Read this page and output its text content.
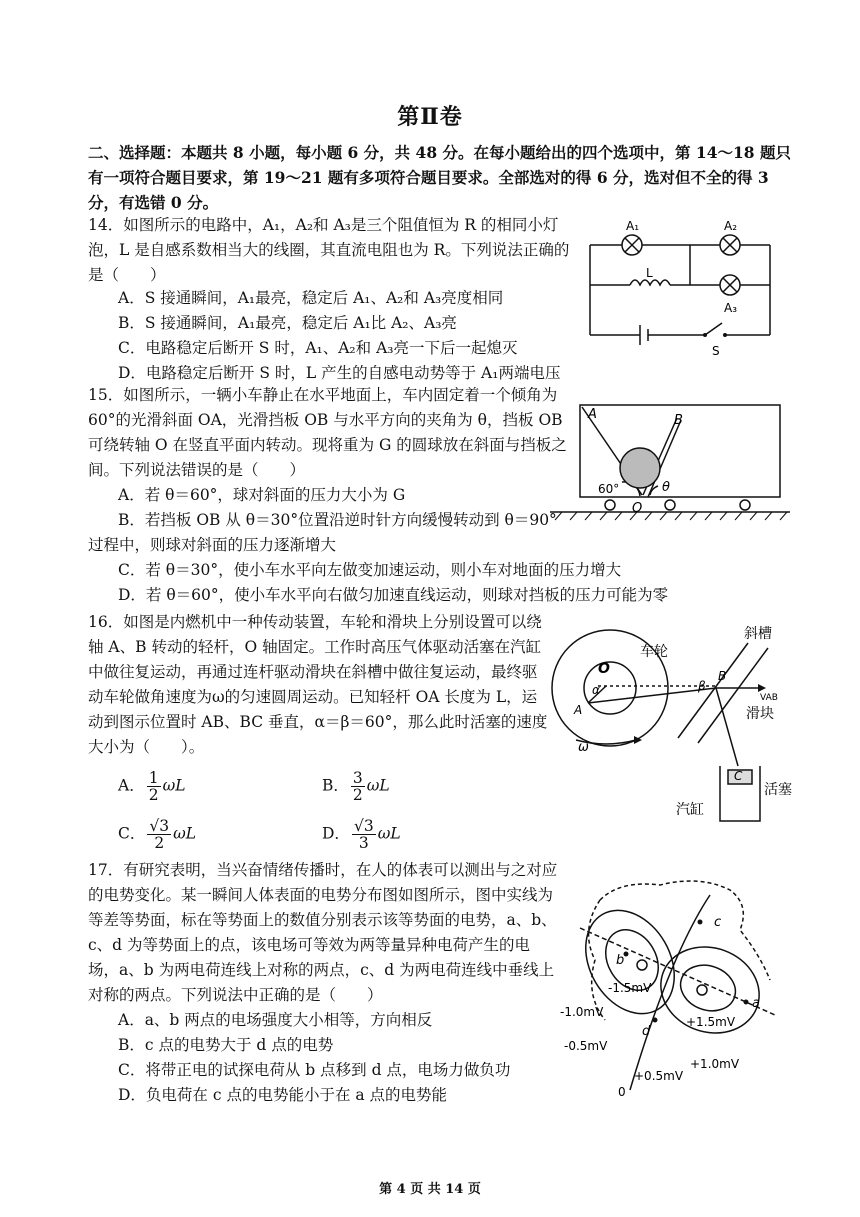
第Ⅱ卷
二、选择题：本题共 8 小题，每小题 6 分，共 48 分。在每小题给出的四个选项中，第 14～18 题只有一项符合题目要求，第 19～21 题有多项符合题目要求。全部选对的得 6 分，选对但不全的得 3 分，有选错 0 分。
14．如图所示的电路中，A₁，A₂和 A₃是三个阻值恒为 R 的相同小灯泡，L 是自感系数相当大的线圈，其直流电阻也为 R。下列说法正确的是（　　）
A．S 接通瞬间，A₁最亮，稳定后 A₁、A₂和 A₃亮度相同
B．S 接通瞬间，A₁最亮，稳定后 A₁比 A₂、A₃亮
C．电路稳定后断开 S 时，A₁、A₂和 A₃亮一下后一起熄灭
D．电路稳定后断开 S 时，L 产生的自感电动势等于 A₁两端电压
A₁	A₂
L
A₃
S
15．如图所示，一辆小车静止在水平地面上，车内固定着一个倾角为 60°的光滑斜面 OA，光滑挡板 OB 与水平方向的夹角为 θ，挡板 OB 可绕转轴 O 在竖直平面内转动。现将重为 G 的圆球放在斜面与挡板之间。下列说法错误的是（　　）
A．若 θ＝60°，球对斜面的压力大小为 G
B．若挡板 OB 从 θ＝30°位置沿逆时针方向缓慢转动到 θ＝90°过程中，则球对斜面的压力逐渐增大
C．若 θ＝30°，使小车水平向左做变加速运动，则小车对地面的压力增大
D．若 θ＝60°，使小车水平向右做匀加速直线运动，则球对挡板的压力可能为零
A	B
60°	θ
O
16．如图是内燃机中一种传动装置，车轮和滑块上分别设置可以绕轴 A、B 转动的轻杆，O 轴固定。工作时高压气体驱动活塞在汽缸中做往复运动，再通过连杆驱动滑块在斜槽中做往复运动，最终驱动车轮做角速度为ω的匀速圆周运动。已知轻杆 OA 长度为 L，运动到图示位置时 AB、BC 垂直，α＝β＝60°，那么此时活塞的速度大小为（　　）。
A． $\frac{1}{2}$ ωL	B． $\frac{3}{2}$ ωL
C． $\frac{√3}{2}$ ωL	D． $\frac{√3}{3}$ ωL
车轮
斜槽
滑块
活塞
汽缸
O
A
B
C
α	β
ω
VAB
17．有研究表明，当兴奋情绪传播时，在人的体表可以测出与之对应的电势变化。某一瞬间人体表面的电势分布图如图所示，图中实线为等差等势面，标在等势面上的数值分别表示该等势面的电势，a、b、c、d 为等势面上的点，该电场可等效为两等量异种电荷产生的电场，a、b 为两电荷连线上对称的两点，c、d 为两电荷连线中垂线上对称的两点。下列说法中正确的是（　　）
A．a、b 两点的电场强度大小相等，方向相反
B．c 点的电势大于 d 点的电势
C．将带正电的试探电荷从 b 点移到 d 点，电场力做负功
D．负电荷在 c 点的电势能小于在 a 点的电势能
a
b
c
d
-1.5mV
-1.0mV
-0.5mV
+1.5mV
+1.0mV
+0.5mV
0
第 4 页 共 14 页
